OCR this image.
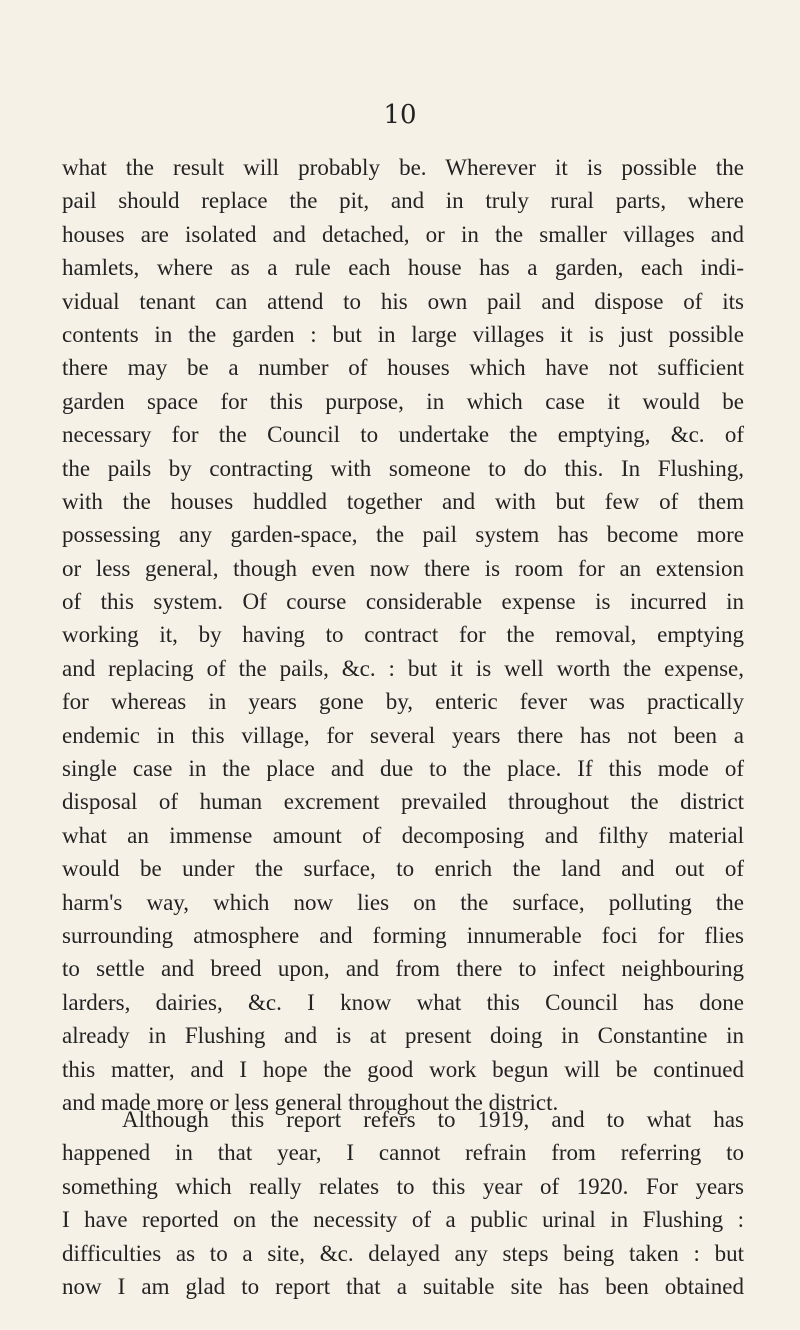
10
what the result will probably be. Wherever it is possible the
pail should replace the pit, and in truly rural parts, where
houses are isolated and detached, or in the smaller villages and
hamlets, where as a rule each house has a garden, each indi-
vidual tenant can attend to his own pail and dispose of its
contents in the garden : but in large villages it is just possible
there may be a number of houses which have not sufficient
garden space for this purpose, in which case it would be
necessary for the Council to undertake the emptying, &c. of
the pails by contracting with someone to do this. In Flushing,
with the houses huddled together and with but few of them
possessing any garden-space, the pail system has become more
or less general, though even now there is room for an extension
of this system. Of course considerable expense is incurred in
working it, by having to contract for the removal, emptying
and replacing of the pails, &c. : but it is well worth the expense,
for whereas in years gone by, enteric fever was practically
endemic in this village, for several years there has not been a
single case in the place and due to the place. If this mode of
disposal of human excrement prevailed throughout the district
what an immense amount of decomposing and filthy material
would be under the surface, to enrich the land and out of
harm's way, which now lies on the surface, polluting the
surrounding atmosphere and forming innumerable foci for flies
to settle and breed upon, and from there to infect neighbouring
larders, dairies, &c. I know what this Council has done
already in Flushing and is at present doing in Constantine in
this matter, and I hope the good work begun will be continued
and made more or less general throughout the district.
Although this report refers to 1919, and to what has
happened in that year, I cannot refrain from referring to
something which really relates to this year of 1920. For years
I have reported on the necessity of a public urinal in Flushing :
difficulties as to a site, &c. delayed any steps being taken : but
now I am glad to report that a suitable site has been obtained
